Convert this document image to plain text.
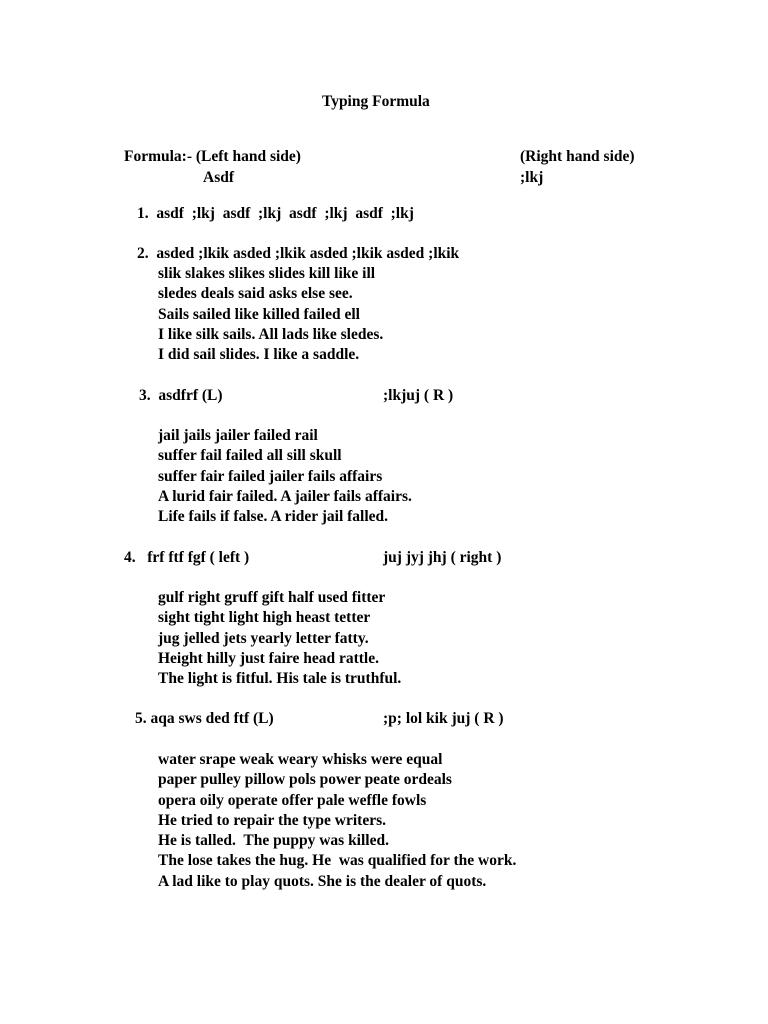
Typing Formula
Formula:- (Left hand side)	(Right hand side)
Asdf	;lkj
1.  asdf  ;lkj  asdf  ;lkj  asdf  ;lkj  asdf  ;lkj
2.  asded ;lkik asded ;lkik asded ;lkik asded ;lkik
slik slakes slikes slides kill like ill
sledes deals said asks else see.
Sails sailed like killed failed ell
I like silk sails. All lads like sledes.
I did sail slides. I like a saddle.
3.  asdfrf (L)	;lkjuj ( R )
jail jails jailer failed rail
suffer fail failed all sill skull
suffer fair failed jailer fails affairs
A lurid fair failed. A jailer fails affairs.
Life fails if false. A rider jail falled.
4.   frf ftf fgf ( left )	juj jyj jhj ( right )
gulf right gruff gift half used fitter
sight tight light high heast tetter
jug jelled jets yearly letter fatty.
Height hilly just faire head rattle.
The light is fitful. His tale is truthful.
5. aqa sws ded ftf (L)	;p; lol kik juj ( R )
water srape weak weary whisks were equal
paper pulley pillow pols power peate ordeals
opera oily operate offer pale weffle fowls
He tried to repair the type writers.
He is talled.  The puppy was killed.
The lose takes the hug. He  was qualified for the work.
A lad like to play quots. She is the dealer of quots.
